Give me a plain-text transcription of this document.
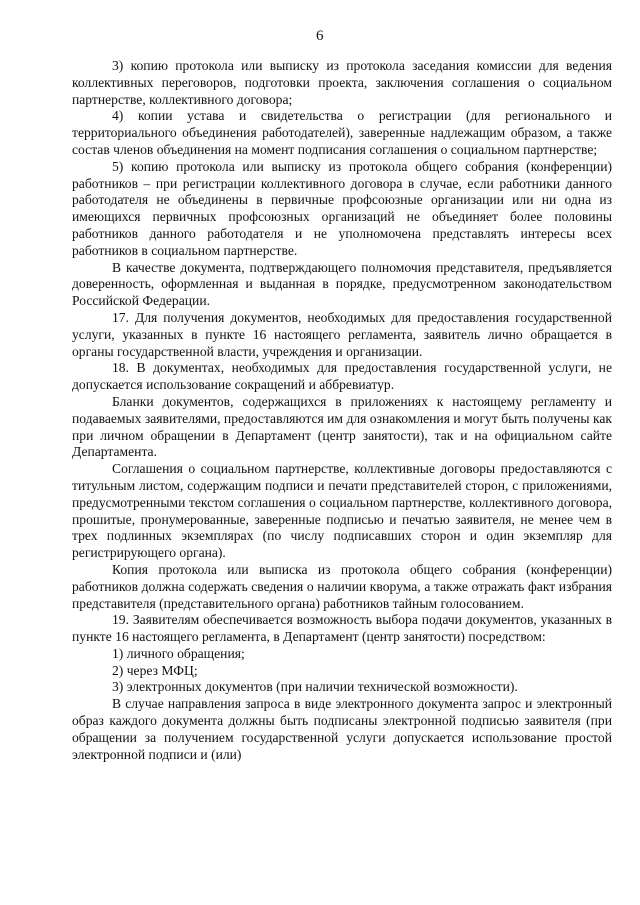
6

3) копию протокола или выписку из протокола заседания комиссии для ведения коллективных переговоров, подготовки проекта, заключения соглашения о социальном партнерстве, коллективного договора;

4) копии устава и свидетельства о регистрации (для регионального и территориального объединения работодателей), заверенные надлежащим образом, а также состав членов объединения на момент подписания соглашения о социальном партнерстве;

5) копию протокола или выписку из протокола общего собрания (конференции) работников – при регистрации коллективного договора в случае, если работники данного работодателя не объединены в первичные профсоюзные организации или ни одна из имеющихся первичных профсоюзных организаций не объединяет более половины работников данного работодателя и не уполномочена представлять интересы всех работников в социальном партнерстве.

В качестве документа, подтверждающего полномочия представителя, предъявляется доверенность, оформленная и выданная в порядке, предусмотренном законодательством Российской Федерации.

17. Для получения документов, необходимых для предоставления государственной услуги, указанных в пункте 16 настоящего регламента, заявитель лично обращается в органы государственной власти, учреждения и организации.

18. В документах, необходимых для предоставления государственной услуги, не допускается использование сокращений и аббревиатур.

Бланки документов, содержащихся в приложениях к настоящему регламенту и подаваемых заявителями, предоставляются им для ознакомления и могут быть получены как при личном обращении в Департамент (центр занятости), так и на официальном сайте Департамента.

Соглашения о социальном партнерстве, коллективные договоры предоставляются с титульным листом, содержащим подписи и печати представителей сторон, с приложениями, предусмотренными текстом соглашения о социальном партнерстве, коллективного договора, прошитые, пронумерованные, заверенные подписью и печатью заявителя, не менее чем в трех подлинных экземплярах (по числу подписавших сторон и один экземпляр для регистрирующего органа).

Копия протокола или выписка из протокола общего собрания (конференции) работников должна содержать сведения о наличии кворума, а также отражать факт избрания представителя (представительного органа) работников тайным голосованием.

19. Заявителям обеспечивается возможность выбора подачи документов, указанных в пункте 16 настоящего регламента, в Департамент (центр занятости) посредством:

1) личного обращения;

2) через МФЦ;

3) электронных документов (при наличии технической возможности).

В случае направления запроса в виде электронного документа запрос и электронный образ каждого документа должны быть подписаны электронной подписью заявителя (при обращении за получением государственной услуги допускается использование простой электронной подписи и (или)
